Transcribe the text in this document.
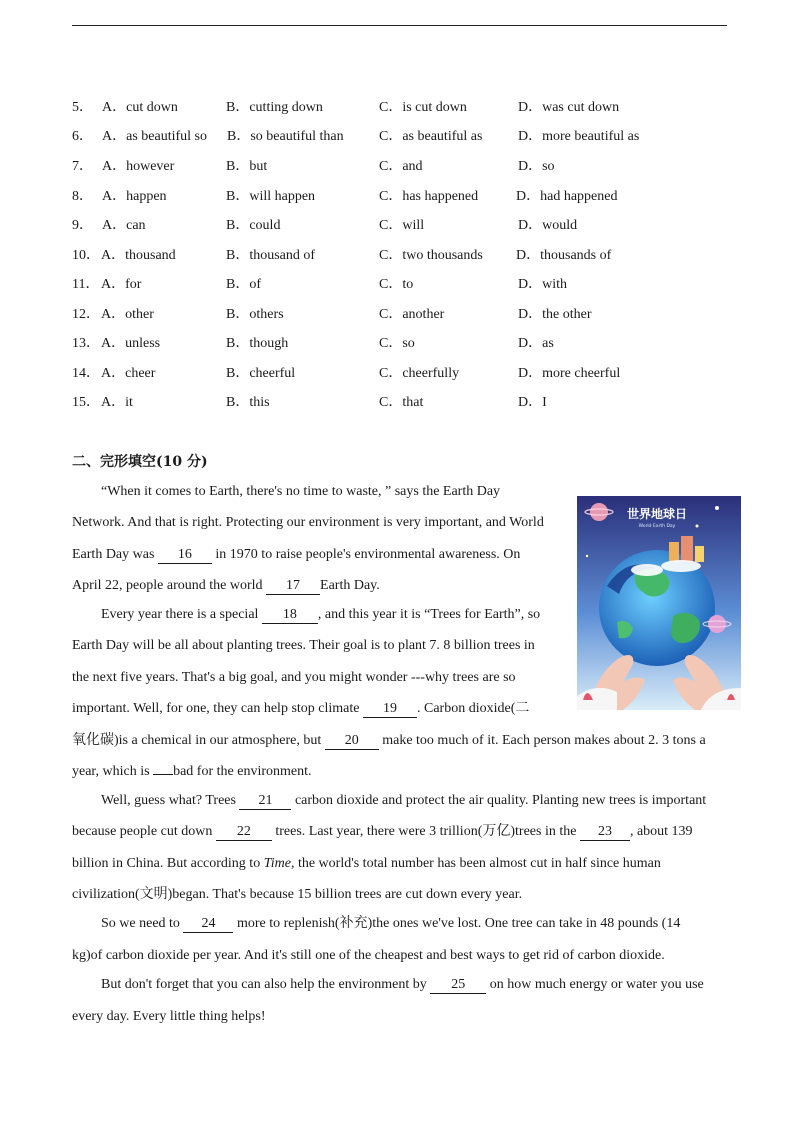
5． A．cut down	B．cutting down	C．is cut down	D．was cut down
6． A．as beautiful so B．so beautiful than	C．as beautiful as	D．more beautiful as
7． A．however	B．but	C．and	D．so
8． A．happen	B．will happen	C．has happened	D．had happened
9． A．can	B．could	C．will	D．would
10． A．thousand	B．thousand of	C．two thousands D．thousands of
11． A．for	B．of	C．to	D．with
12． A．other	B．others	C．another	D．the other
13． A．unless	B．though	C．so	D．as
14． A．cheer	B．cheerful	C．cheerfully	D．more cheerful
15． A．it	B．this	C．that	D．I
二、完形填空(10 分)
世界地球日
World Earth Day
“When it comes to Earth, there's no time to waste, ” says the Earth Day
Network. And that is right. Protecting our environment is very important, and World
Earth Day was 16 in 1970 to raise people's environmental awareness. On
April 22, people around the world 17 Earth Day.
Every year there is a special 18 , and this year it is “Trees for Earth”, so
Earth Day will be all about planting trees. Their goal is to plant 7. 8 billion trees in
the next five years. That's a big goal, and you might wonder ---why trees are so
important. Well, for one, they can help stop climate 19 . Carbon dioxide(二
氧化碳)is a chemical in our atmosphere, but 20 make too much of it. Each person makes about 2. 3 tons a
year, which is bad for the environment.
Well, guess what? Trees 21 carbon dioxide and protect the air quality. Planting new trees is important
because people cut down 22 trees. Last year, there were 3 trillion(万亿)trees in the 23 , about 139
billion in China. But according to Time, the world's total number has been almost cut in half since human
civilization(文明)began. That's because 15 billion trees are cut down every year.
So we need to 24 more to replenish(补充)the ones we've lost. One tree can take in 48 pounds (14
kg)of carbon dioxide per year. And it's still one of the cheapest and best ways to get rid of carbon dioxide.
But don't forget that you can also help the environment by 25 on how much energy or water you use
every day. Every little thing helps!
